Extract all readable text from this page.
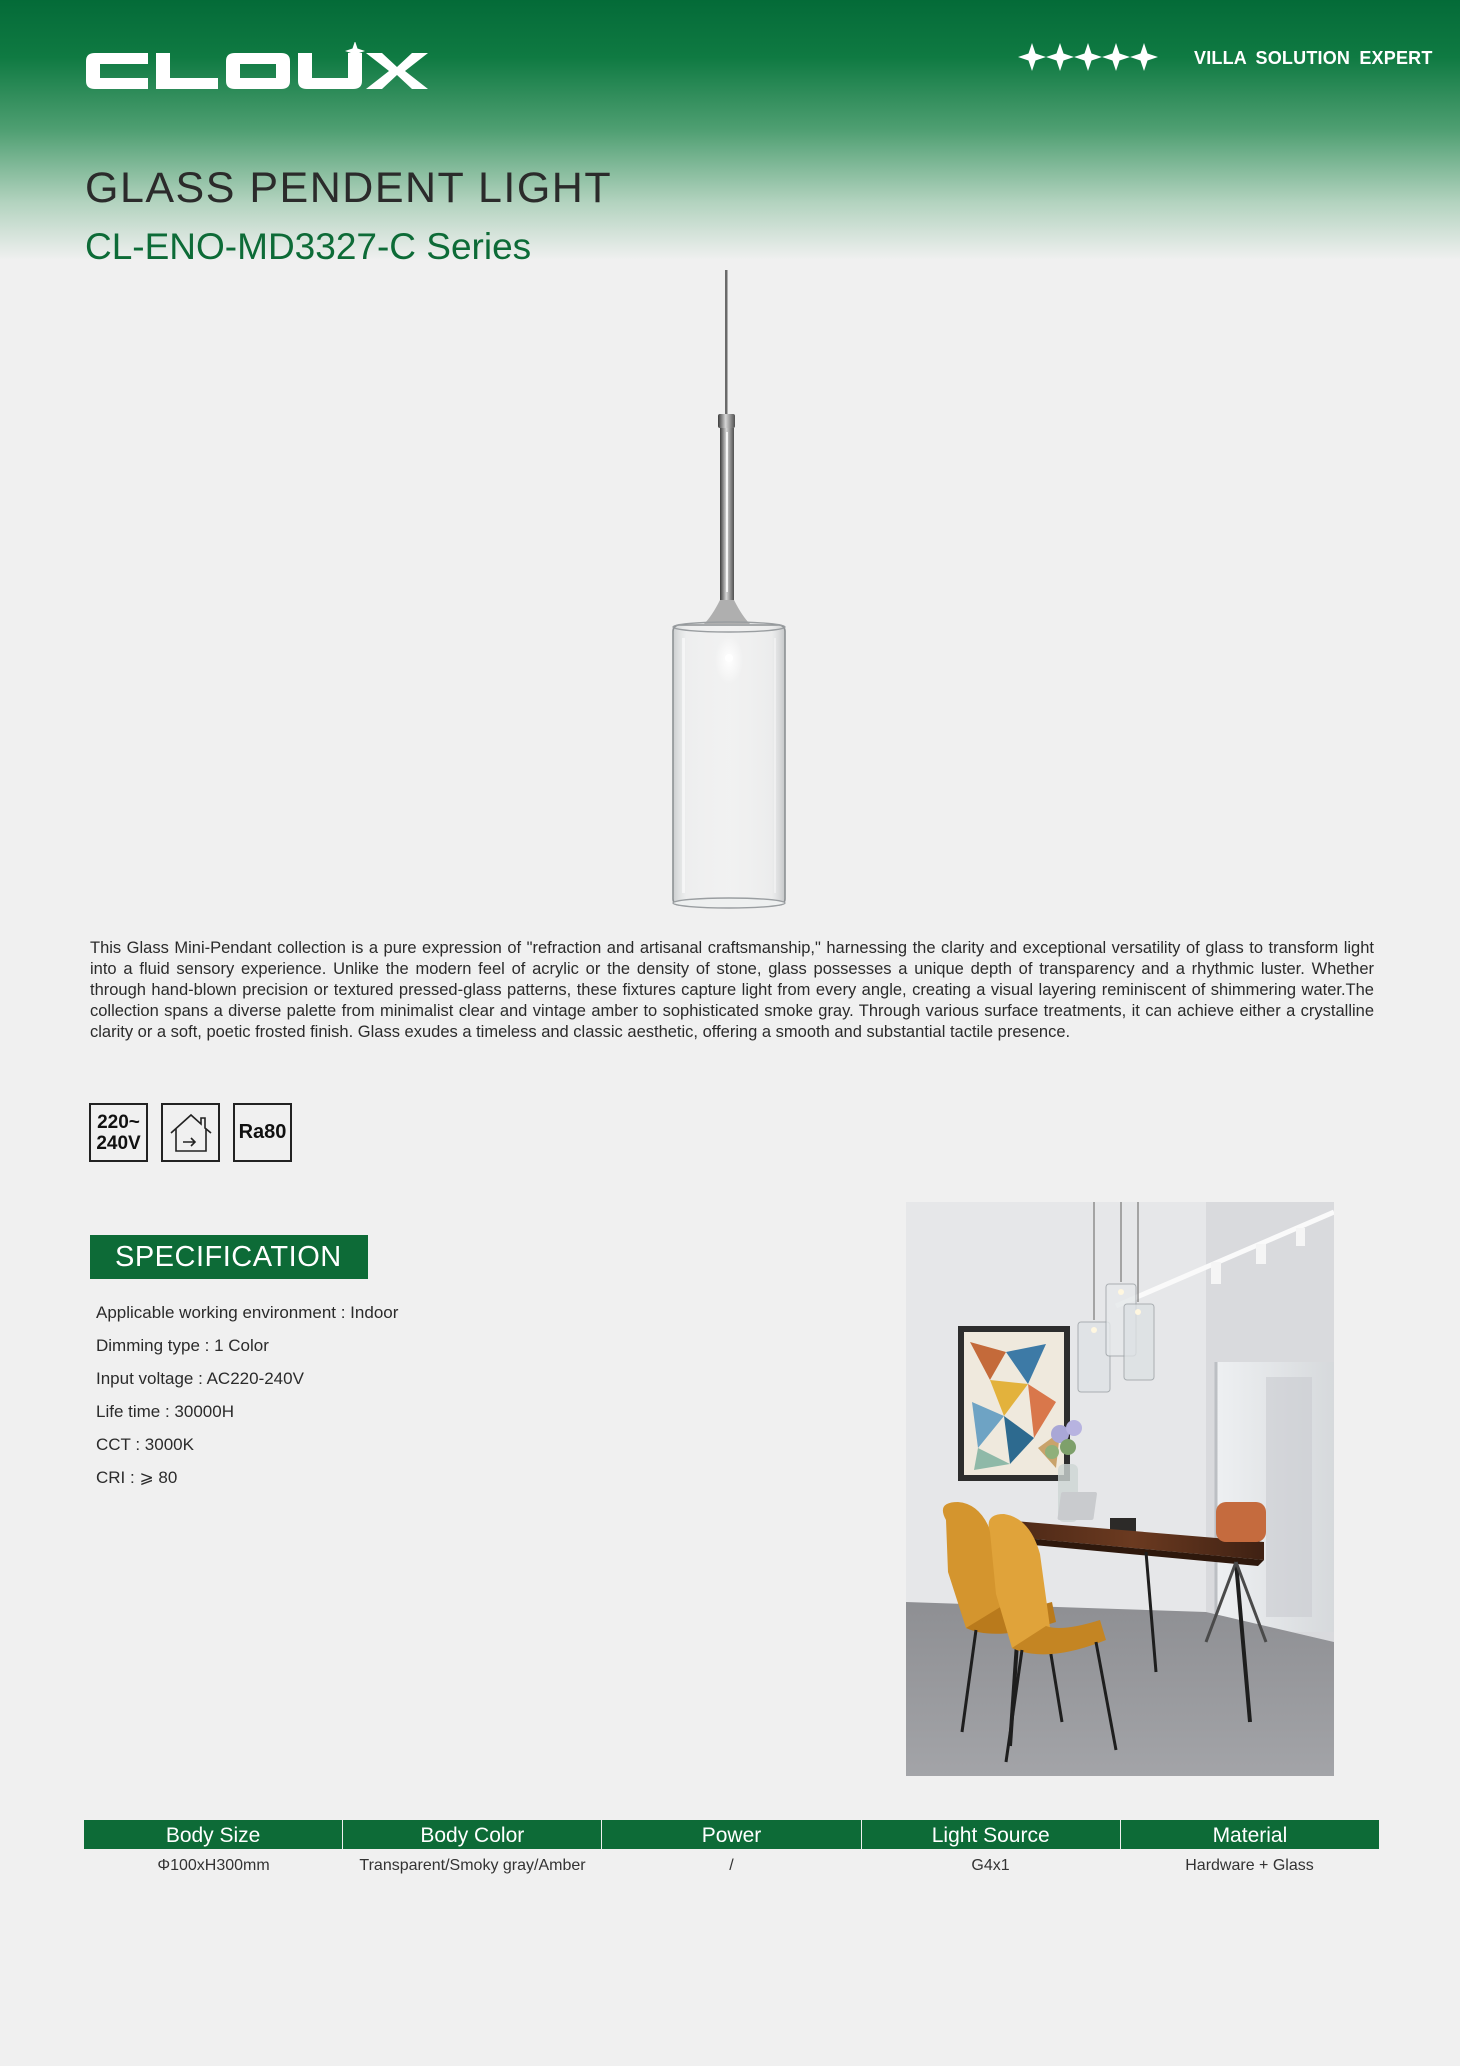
VILLA SOLUTION EXPERT
GLASS PENDENT LIGHT
CL-ENO-MD3327-C Series

This Glass Mini-Pendant collection is a pure expression of "refraction and artisanal craftsmanship," harnessing the clarity and exceptional versatility of glass to transform light into a fluid sensory experience. Unlike the modern feel of acrylic or the density of stone, glass possesses a unique depth of transparency and a rhythmic luster. Whether through hand-blown precision or textured pressed-glass patterns, these fixtures capture light from every angle, creating a visual layering reminiscent of shimmering water.The collection spans a diverse palette from minimalist clear and vintage amber to sophisticated smoke gray. Through various surface treatments, it can achieve either a crystalline clarity or a soft, poetic frosted finish. Glass exudes a timeless and classic aesthetic, offering a smooth and substantial tactile presence.

220~
240V	Ra80
SPECIFICATION
Applicable working environment : Indoor
Dimming type : 1 Color
Input voltage : AC220-240V
Life time : 30000H
CCT : 3000K
CRI : ⩾ 80
Body Size	Body Color	Power	Light Source	Material
Φ100xH300mm	Transparent/Smoky gray/Amber	/	G4x1	Hardware + Glass
